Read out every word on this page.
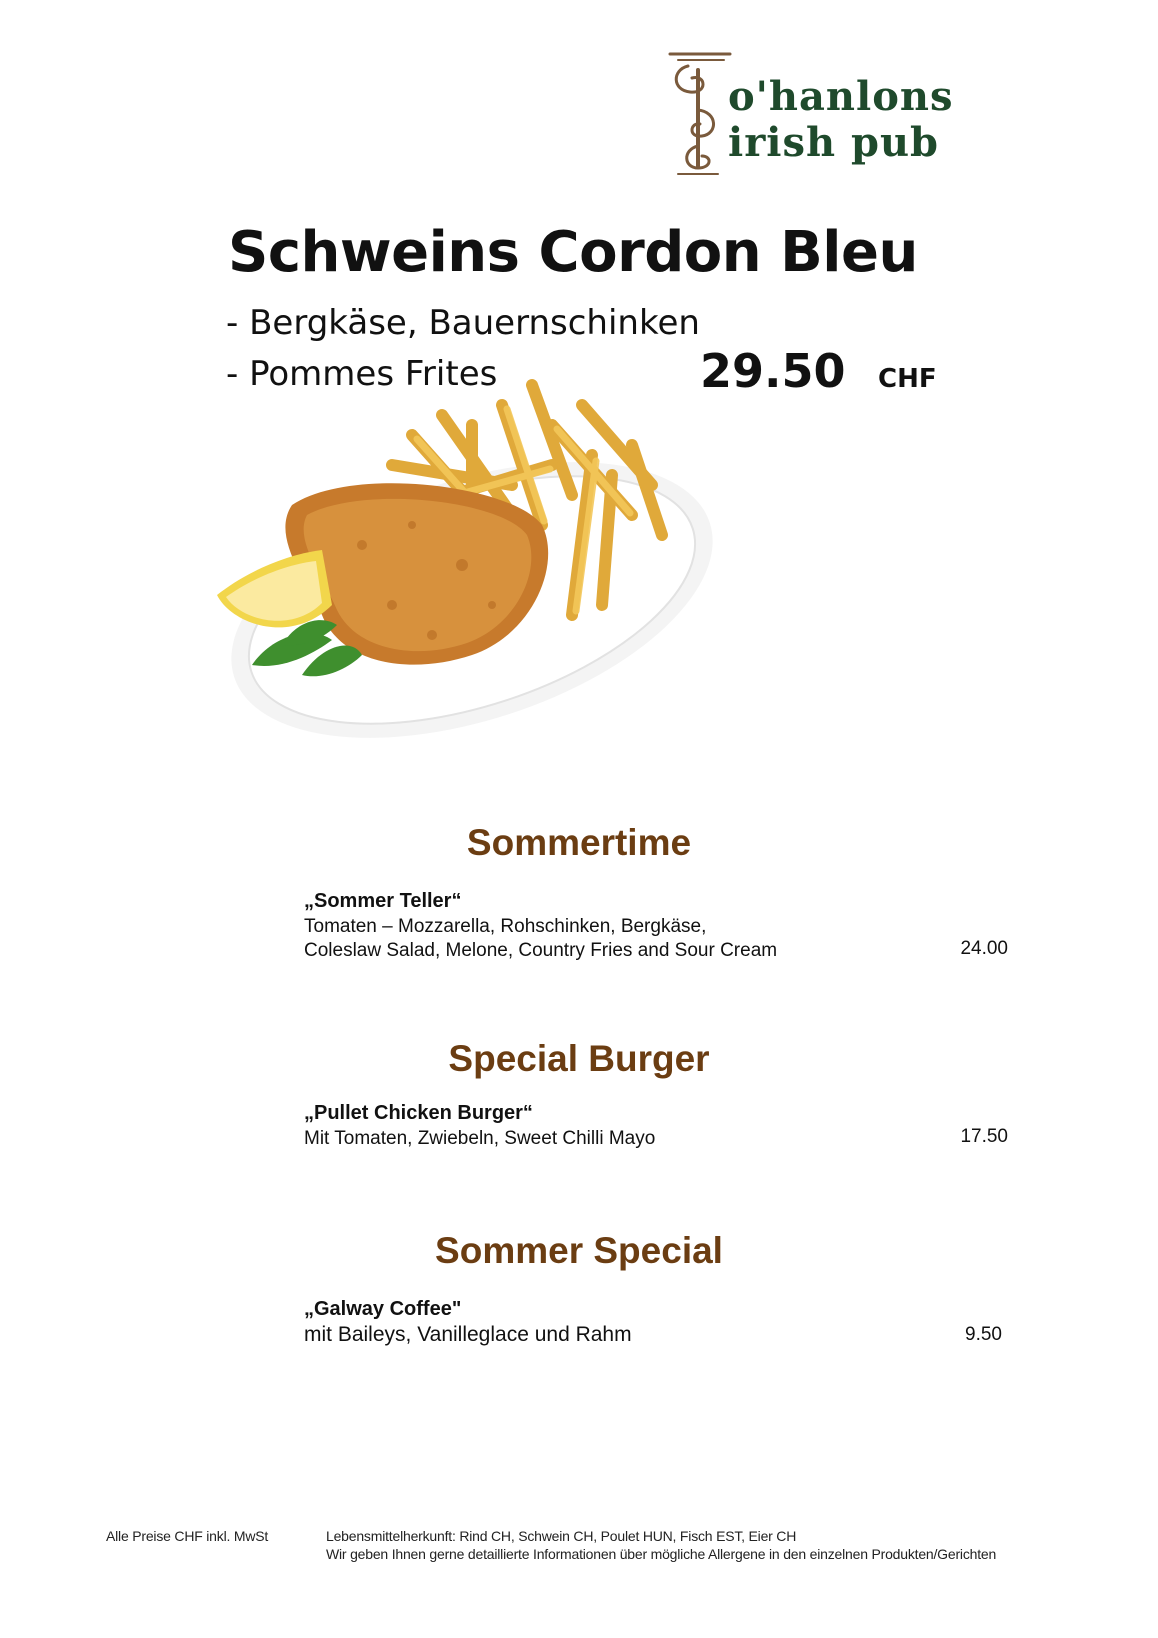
o'hanlons
irish pub
Schweins Cordon Bleu
- Bergkäse, Bauernschinken
- Pommes Frites	29.50 CHF
Sommertime
„Sommer Teller“
Tomaten – Mozzarella, Rohschinken, Bergkäse,
Coleslaw Salad, Melone, Country Fries and Sour Cream	24.00
Special Burger
„Pullet Chicken Burger“
Mit Tomaten, Zwiebeln, Sweet Chilli Mayo	17.50
Sommer Special
„Galway Coffee"
mit Baileys, Vanilleglace und Rahm	9.50
Alle Preise CHF inkl. MwSt	Lebensmittelherkunft: Rind CH, Schwein CH, Poulet HUN, Fisch EST, Eier CH
Wir geben Ihnen gerne detaillierte Informationen über mögliche Allergene in den einzelnen Produkten/Gerichten
